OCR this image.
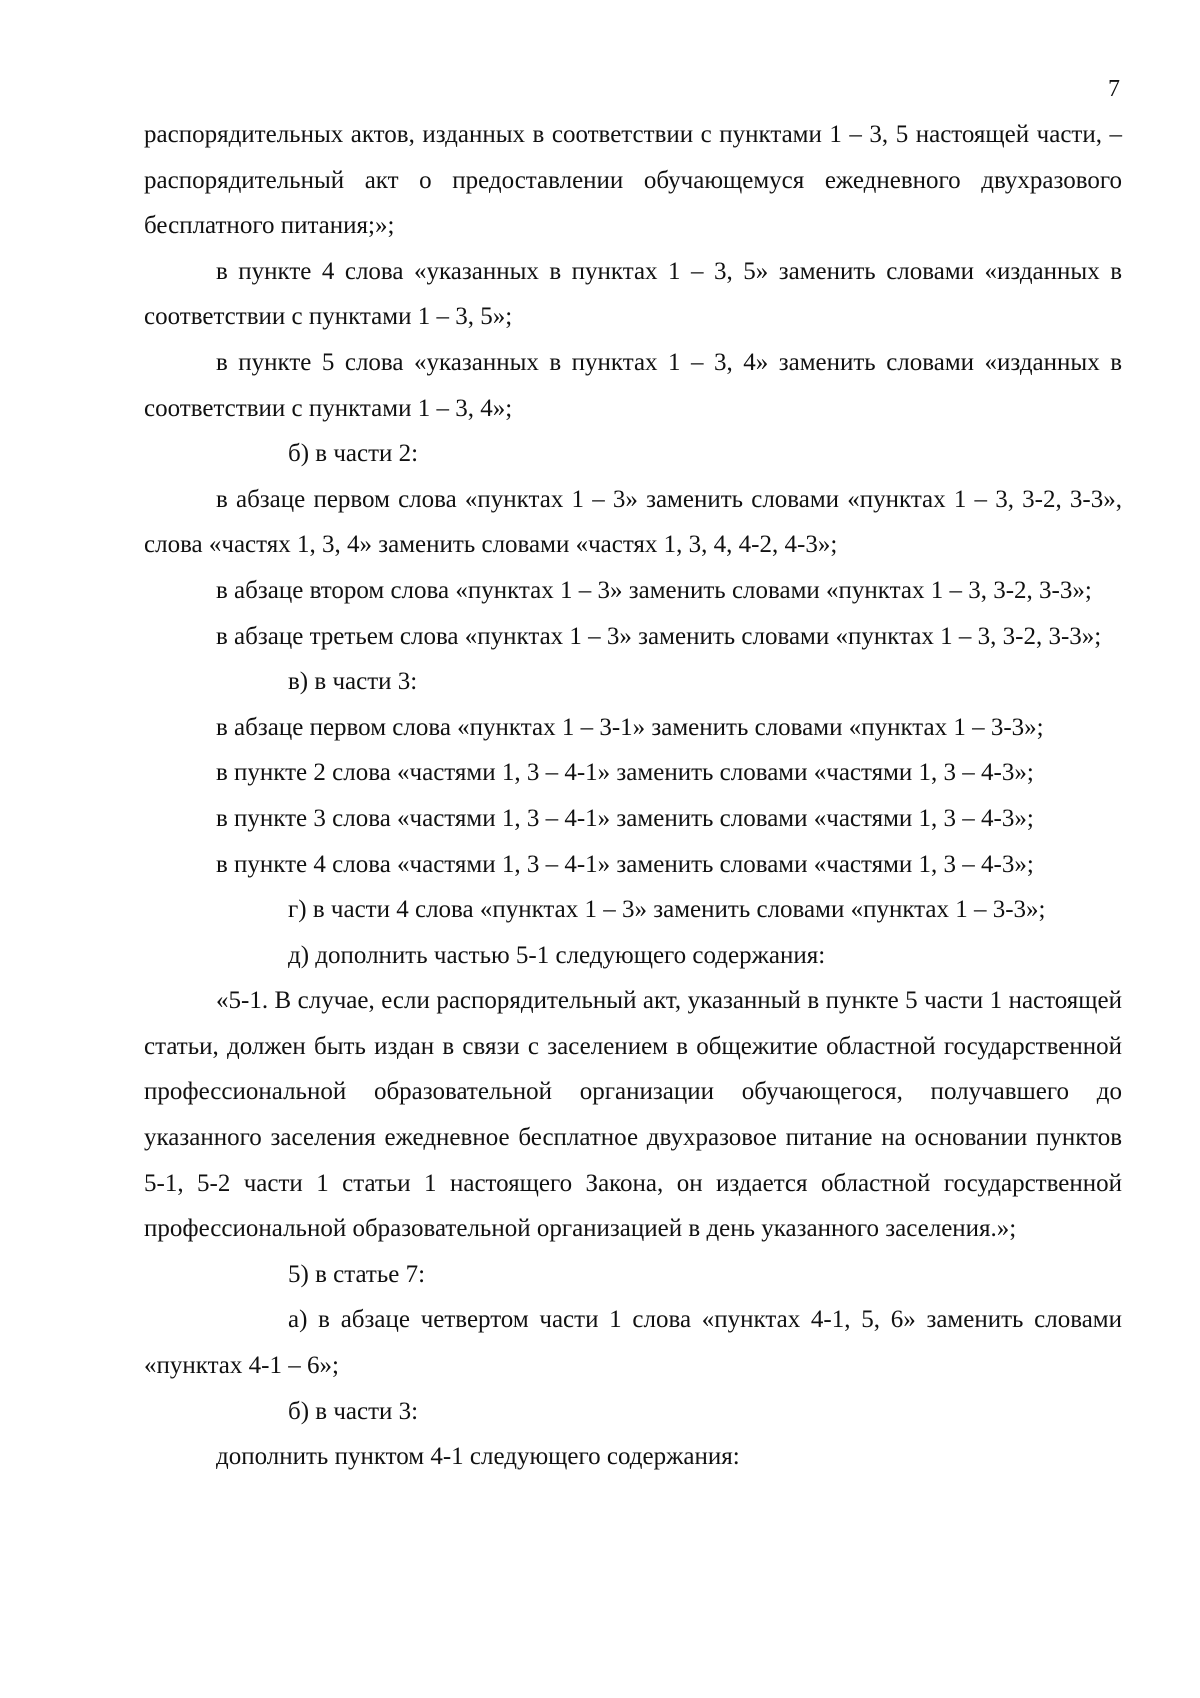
7

распорядительных актов, изданных в соответствии с пунктами 1 – 3, 5 настоящей части, – распорядительный акт о предоставлении обучающемуся ежедневного двухразового бесплатного питания;»;

в пункте 4 слова «указанных в пунктах 1 – 3, 5» заменить словами «изданных в соответствии с пунктами 1 – 3, 5»;

в пункте 5 слова «указанных в пунктах 1 – 3, 4» заменить словами «изданных в соответствии с пунктами 1 – 3, 4»;

б) в части 2:

в абзаце первом слова «пунктах 1 – 3» заменить словами «пунктах 1 – 3, 3-2, 3-3», слова «частях 1, 3, 4» заменить словами «частях 1, 3, 4, 4-2, 4-3»;

в абзаце втором слова «пунктах 1 – 3» заменить словами «пунктах 1 – 3, 3-2, 3-3»;

в абзаце третьем слова «пунктах 1 – 3» заменить словами «пунктах 1 – 3, 3-2, 3-3»;

в) в части 3:

в абзаце первом слова «пунктах 1 – 3-1» заменить словами «пунктах 1 – 3-3»;

в пункте 2 слова «частями 1, 3 – 4-1» заменить словами «частями 1, 3 – 4-3»;

в пункте 3 слова «частями 1, 3 – 4-1» заменить словами «частями 1, 3 – 4-3»;

в пункте 4 слова «частями 1, 3 – 4-1» заменить словами «частями 1, 3 – 4-3»;

г) в части 4 слова «пунктах 1 – 3» заменить словами «пунктах 1 – 3-3»;

д) дополнить частью 5-1 следующего содержания:

«5-1. В случае, если распорядительный акт, указанный в пункте 5 части 1 настоящей статьи, должен быть издан в связи с заселением в общежитие областной государственной профессиональной образовательной организации обучающегося, получавшего до указанного заселения ежедневное бесплатное двухразовое питание на основании пунктов 5-1, 5-2 части 1 статьи 1 настоящего Закона, он издается областной государственной профессиональной образовательной организацией в день указанного заселения.»;

5) в статье 7:

а) в абзаце четвертом части 1 слова «пунктах 4-1, 5, 6» заменить словами «пунктах 4-1 – 6»;

б) в части 3:

дополнить пунктом 4-1 следующего содержания:
